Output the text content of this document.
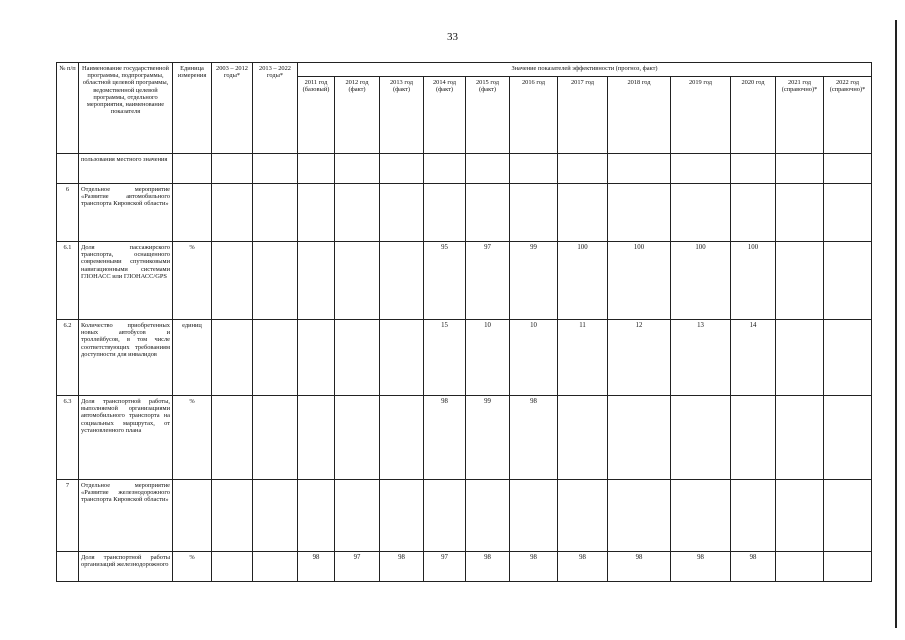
33
№ п/п	Наименование государственной программы, подпрограммы, областной целевой программы, ведомственной целевой программы, отдельного мероприятия, наименование показателя	Единица измерения	2003 – 2012 годы*	2013 – 2022 годы*	Значение показателей эффективности (прогноз, факт)											
					2011 год (базовый)	2012 год (факт)	2013 год (факт)	2014 год (факт)	2015 год (факт)	2016 год	2017 год	2018 год	2019 год	2020 год	2021 год (справочно)*	2022 год (справочно)*
	пользования местного значения															
6	Отдельное мероприятие «Развитие автомобильного транспорта Кировской области»															
6.1	Доля пассажирского транспорта, оснащенного современными спутниковыми навигационными системами ГЛОНАСС или ГЛОНАСС/GPS	%						95	97	99	100	100	100	100		
6.2	Количество приобретенных новых автобусов и троллейбусов, в том числе соответствующих требованиям доступности для инвалидов	единиц						15	10	10	11	12	13	14		
6.3	Доля транспортной работы, выполняемой организациями автомобильного транспорта на социальных маршрутах, от установленного плана	%						98	99	98						
7	Отдельное мероприятие «Развитие железнодорожного транспорта Кировской области»															
	Доля транспортной работы организаций железнодорожного	%			98	97	98	97	98	98	98	98	98	98		
